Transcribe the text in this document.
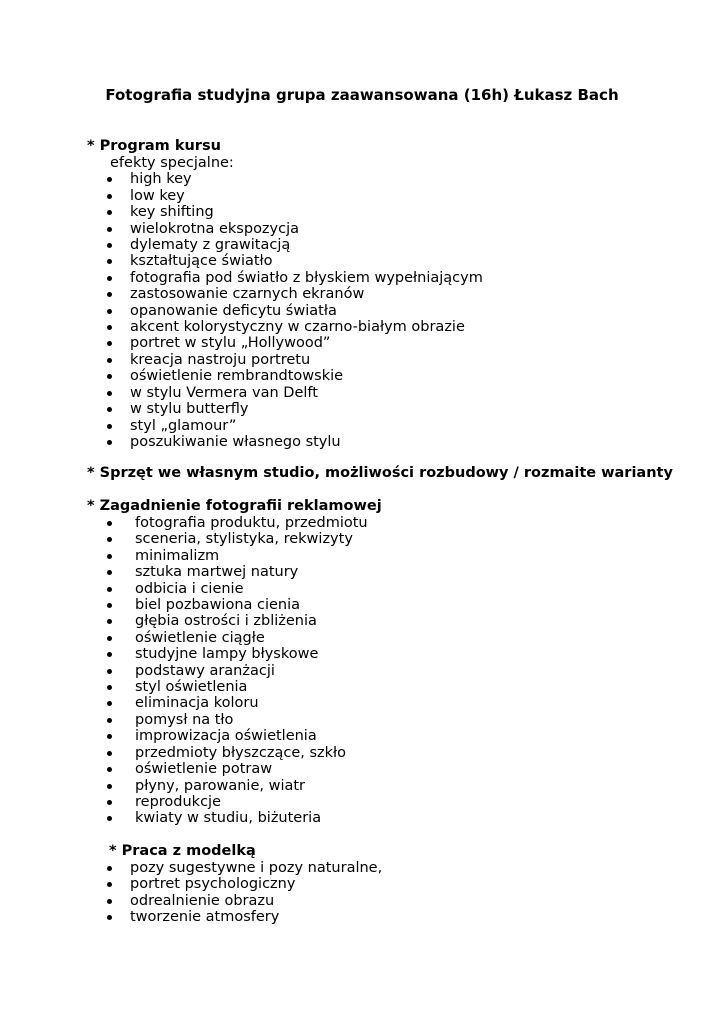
Fotografia studyjna grupa zaawansowana (16h) Łukasz Bach
* Program kursu
efekty specjalne:
high key
low key
key shifting
wielokrotna ekspozycja
dylematy z grawitacją
kształtujące światło
fotografia pod światło z błyskiem wypełniającym
zastosowanie czarnych ekranów
opanowanie deficytu światła
akcent kolorystyczny w czarno-białym obrazie
portret w stylu „Hollywood”
kreacja nastroju portretu
oświetlenie rembrandtowskie
w stylu Vermera van Delft
w stylu butterfly
styl „glamour”
poszukiwanie własnego stylu
* Sprzęt we własnym studio, możliwości rozbudowy / rozmaite warianty
* Zagadnienie fotografii reklamowej
fotografia produktu, przedmiotu
sceneria, stylistyka, rekwizyty
minimalizm
sztuka martwej natury
odbicia i cienie
biel pozbawiona cienia
głębia ostrości i zbliżenia
oświetlenie ciągłe
studyjne lampy błyskowe
podstawy aranżacji
styl oświetlenia
eliminacja koloru
pomysł na tło
improwizacja oświetlenia
przedmioty błyszczące, szkło
oświetlenie potraw
płyny, parowanie, wiatr
reprodukcje
kwiaty w studiu, biżuteria
* Praca z modelką
pozy sugestywne i pozy naturalne,
portret psychologiczny
odrealnienie obrazu
tworzenie atmosfery
